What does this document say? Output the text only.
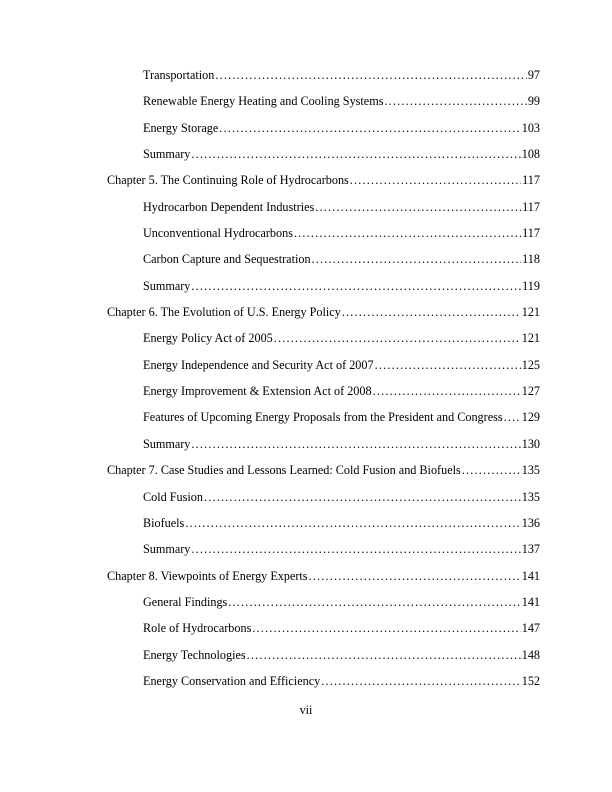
Transportation .....	97
Renewable Energy Heating and Cooling Systems .....	99
Energy Storage .....	103
Summary .....	108
Chapter 5. The Continuing Role of Hydrocarbons .....	117
Hydrocarbon Dependent Industries .....	117
Unconventional Hydrocarbons .....	117
Carbon Capture and Sequestration .....	118
Summary .....	119
Chapter 6. The Evolution of U.S. Energy Policy .....	121
Energy Policy Act of 2005 .....	121
Energy Independence and Security Act of 2007 .....	125
Energy Improvement & Extension Act of 2008 .....	127
Features of Upcoming Energy Proposals from the President and Congress ..... 129
Summary .....	130
Chapter 7. Case Studies and Lessons Learned: Cold Fusion and Biofuels .....	135
Cold Fusion .....	135
Biofuels .....	136
Summary .....	137
Chapter 8. Viewpoints of Energy Experts .....	141
General Findings .....	141
Role of Hydrocarbons .....	147
Energy Technologies .....	148
Energy Conservation and Efficiency .....	152
vii
